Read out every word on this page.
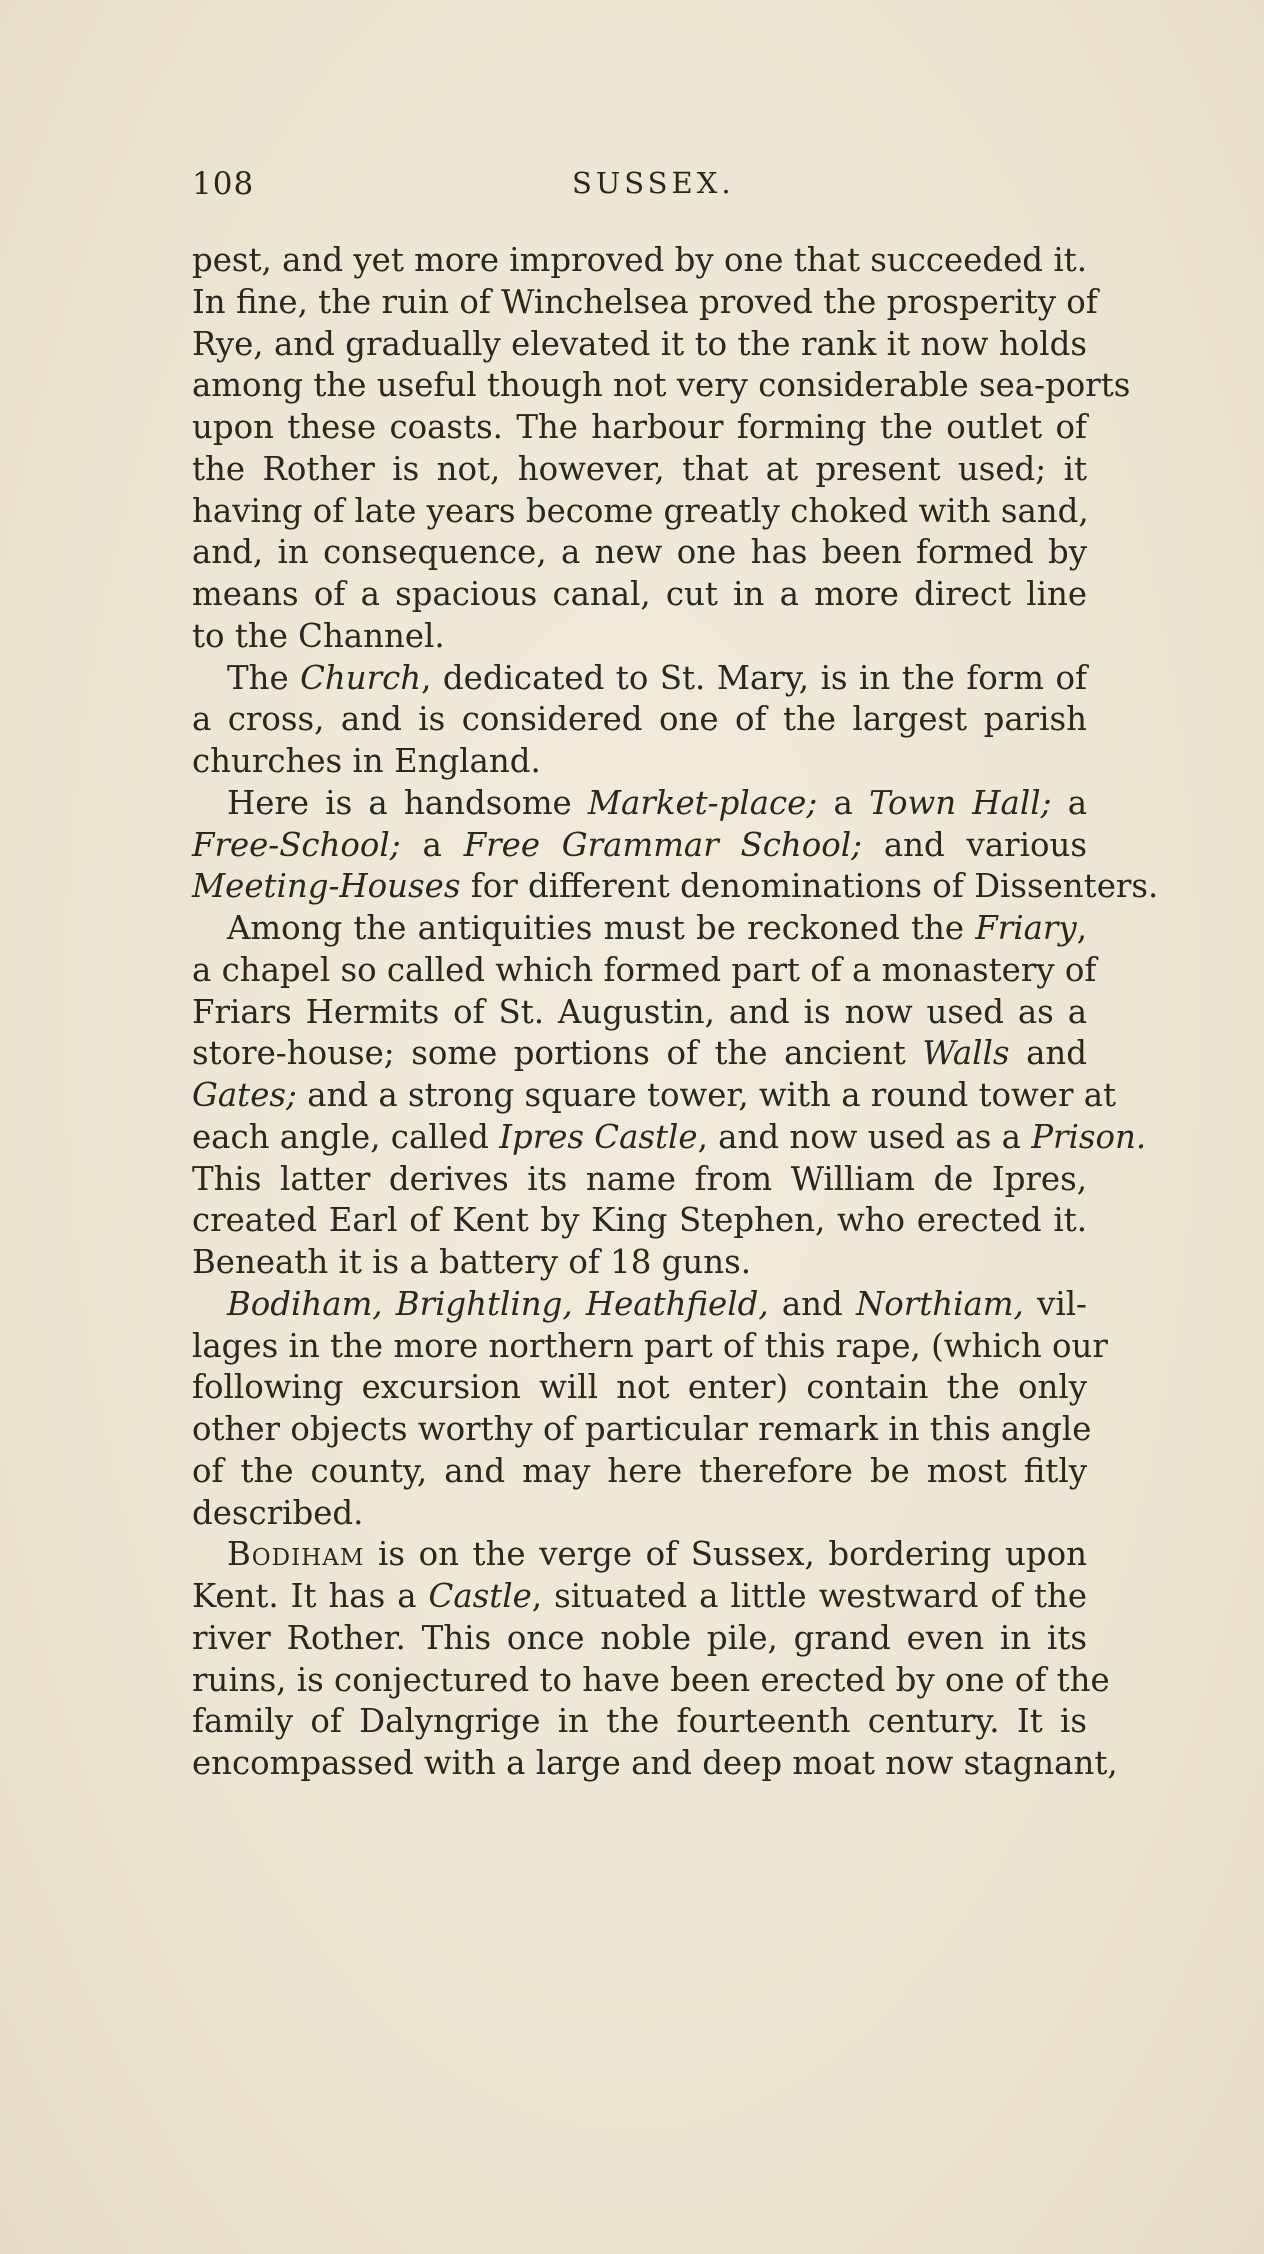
108	SUSSEX.
pest, and yet more improved by one that succeeded it.
In fine, the ruin of Winchelsea proved the prosperity of
Rye, and gradually elevated it to the rank it now holds
among the useful though not very considerable sea-ports
upon these coasts. The harbour forming the outlet of
the Rother is not, however, that at present used; it
having of late years become greatly choked with sand,
and, in consequence, a new one has been formed by
means of a spacious canal, cut in a more direct line
to the Channel.
The Church, dedicated to St. Mary, is in the form of
a cross, and is considered one of the largest parish
churches in England.
Here is a handsome Market-place; a Town Hall; a
Free-School; a Free Grammar School; and various
Meeting-Houses for different denominations of Dissenters.
Among the antiquities must be reckoned the Friary,
a chapel so called which formed part of a monastery of
Friars Hermits of St. Augustin, and is now used as a
store-house; some portions of the ancient Walls and
Gates; and a strong square tower, with a round tower at
each angle, called Ipres Castle, and now used as a Prison.
This latter derives its name from William de Ipres,
created Earl of Kent by King Stephen, who erected it.
Beneath it is a battery of 18 guns.
Bodiham, Brightling, Heathfield, and Northiam, vil-
lages in the more northern part of this rape, (which our
following excursion will not enter) contain the only
other objects worthy of particular remark in this angle
of the county, and may here therefore be most fitly
described.
Bodiham is on the verge of Sussex, bordering upon
Kent. It has a Castle, situated a little westward of the
river Rother. This once noble pile, grand even in its
ruins, is conjectured to have been erected by one of the
family of Dalyngrige in the fourteenth century. It is
encompassed with a large and deep moat now stagnant,
